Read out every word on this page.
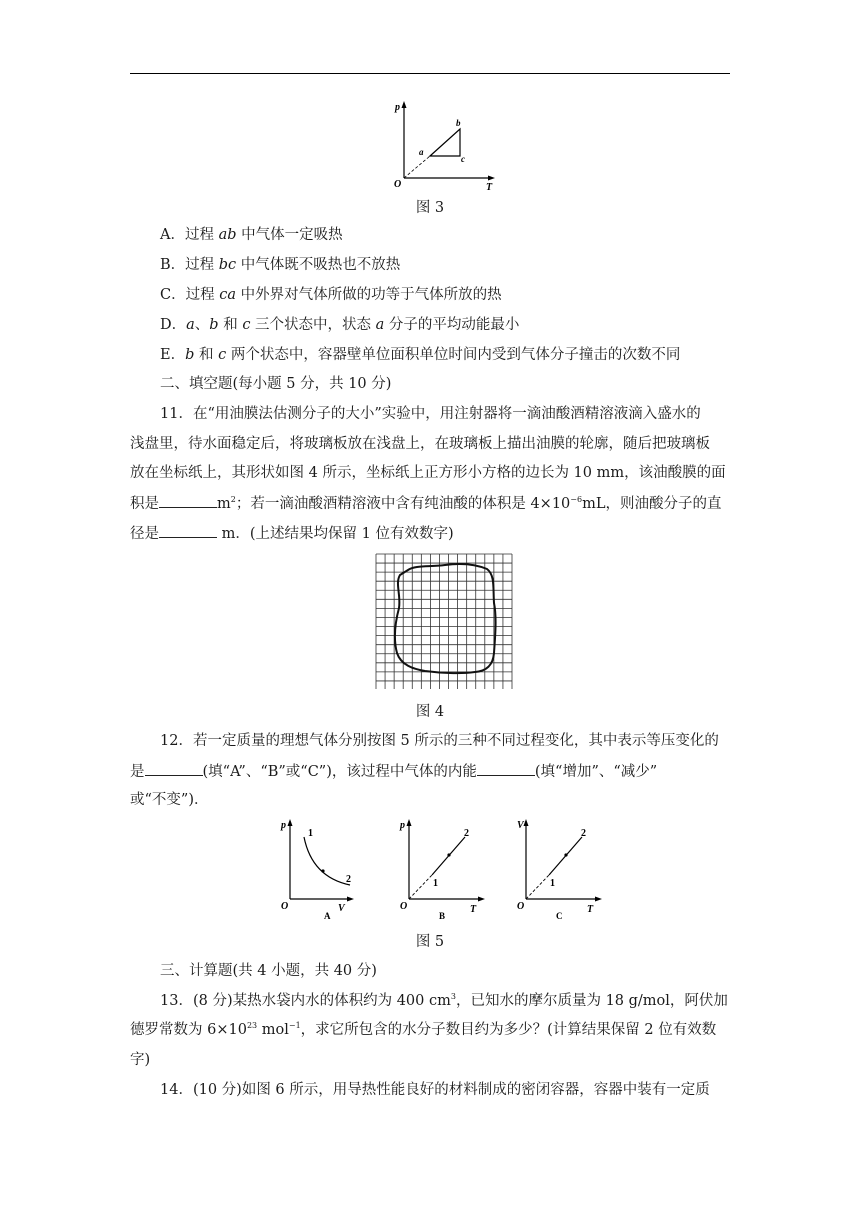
p
T
O
a
b
c
图 3
A．过程 ab 中气体一定吸热
B．过程 bc 中气体既不吸热也不放热
C．过程 ca 中外界对气体所做的功等于气体所放的热
D．a、b 和 c 三个状态中，状态 a 分子的平均动能最小
E．b 和 c 两个状态中，容器壁单位面积单位时间内受到气体分子撞击的次数不同
二、填空题(每小题 5 分，共 10 分)
11．在“用油膜法估测分子的大小”实验中，用注射器将一滴油酸酒精溶液滴入盛水的
浅盘里，待水面稳定后，将玻璃板放在浅盘上，在玻璃板上描出油膜的轮廓，随后把玻璃板
放在坐标纸上，其形状如图 4 所示，坐标纸上正方形小方格的边长为 10 mm，该油酸膜的面
积是	$m^2$；若一滴油酸酒精溶液中含有纯油酸的体积是 $4\times 10^{-6}mL$，则油酸分子的直
径是	m．(上述结果均保留 1 位有效数字)
图 4
12．若一定质量的理想气体分别按图 5 所示的三种不同过程变化，其中表示等压变化的
是	(填“A”、“B”或“C”)，该过程中气体的内能	(填“增加”、“减少”
或“不变”)．
p
V
O
1
2
A
p
T
O
1
2
B
V
T
O
1
2
C
图 5
三、计算题(共 4 小题，共 40 分)
13．(8 分)某热水袋内水的体积约为 400 $cm^3$，已知水的摩尔质量为 18 g/mol，阿伏加
德罗常数为 $6\times 10^{23}$ mol$^{-1}$，求它所包含的水分子数目约为多少？(计算结果保留 2 位有效数
字)
14．(10 分)如图 6 所示，用导热性能良好的材料制成的密闭容器，容器中装有一定质
